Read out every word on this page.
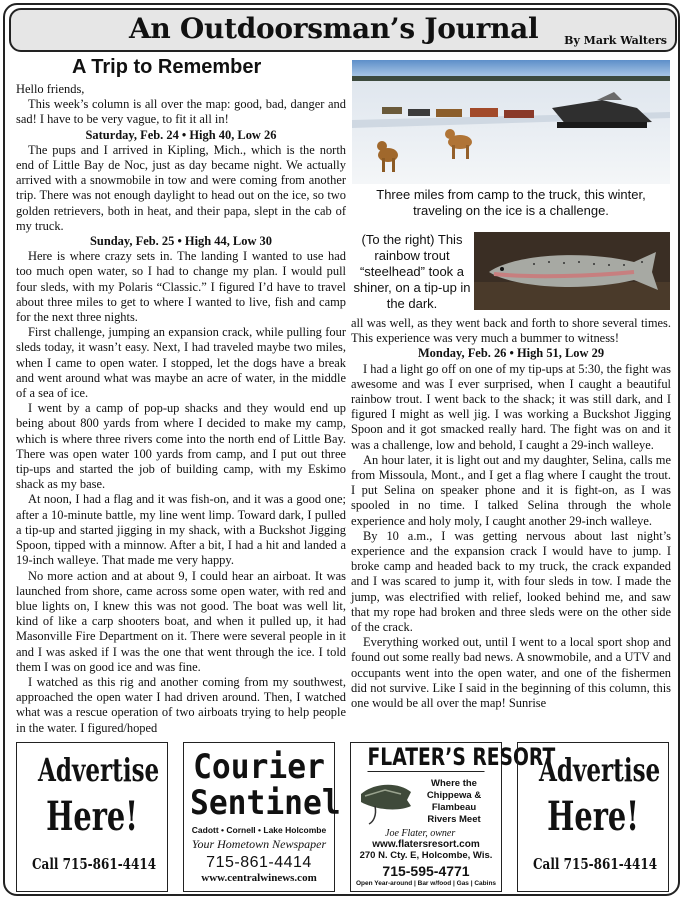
An Outdoorsman’s Journal By Mark Walters
A Trip to Remember

Hello friends,

This week’s column is all over the map: good, bad, danger and sad! I have to be very vague, to fit it all in!

Saturday, Feb. 24 • High 40, Low 26

The pups and I arrived in Kipling, Mich., which is the north end of Little Bay de Noc, just as day became night. We actually arrived with a snowmobile in tow and were coming from another trip. There was not enough daylight to head out on the ice, so two golden retrievers, both in heat, and their papa, slept in the cab of my truck.

Sunday, Feb. 25 • High 44, Low 30

Here is where crazy sets in. The landing I wanted to use had too much open water, so I had to change my plan. I would pull four sleds, with my Polaris “Classic.” I figured I’d have to travel about three miles to get to where I wanted to live, fish and camp for the next three nights.

First challenge, jumping an expansion crack, while pulling four sleds today, it wasn’t easy. Next, I had traveled maybe two miles, when I came to open water. I stopped, let the dogs have a break and went around what was maybe an acre of water, in the middle of a sea of ice.

I went by a camp of pop-up shacks and they would end up being about 800 yards from where I decided to make my camp, which is where three rivers come into the north end of Little Bay. There was open water 100 yards from camp, and I put out three tip-ups and started the job of building camp, with my Eskimo shack as my base.

At noon, I had a flag and it was fish-on, and it was a good one; after a 10-minute battle, my line went limp. Toward dark, I pulled a tip-up and started jigging in my shack, with a Buckshot Jigging Spoon, tipped with a minnow. After a bit, I had a hit and landed a 19-inch walleye. That made me very happy.

No more action and at about 9, I could hear an airboat. It was launched from shore, came across some open water, with red and blue lights on, I knew this was not good. The boat was well lit, kind of like a carp shooters boat, and when it pulled up, it had Masonville Fire Department on it. There were several people in it and I was asked if I was the one that went through the ice. I told them I was on good ice and was fine.

I watched as this rig and another coming from my southwest, approached the open water I had driven around. Then, I watched what was a rescue operation of two airboats trying to help people in the water. I figured/hoped

Three miles from camp to the truck, this winter, traveling on the ice is a challenge.
(To the right) This rainbow trout “steelhead” took a shiner, on a tip-up in the dark.

all was well, as they went back and forth to shore several times. This experience was very much a bummer to witness!

Monday, Feb. 26 • High 51, Low 29

I had a light go off on one of my tip-ups at 5:30, the fight was awesome and was I ever surprised, when I caught a beautiful rainbow trout. I went back to the shack; it was still dark, and I figured I might as well jig. I was working a Buckshot Jigging Spoon and it got smacked really hard. The fight was on and it was a challenge, low and behold, I caught a 29-inch walleye.

An hour later, it is light out and my daughter, Selina, calls me from Missoula, Mont., and I get a flag where I caught the trout. I put Selina on speaker phone and it is fight-on, as I was spooled in no time. I talked Selina through the whole experience and holy moly, I caught another 29-inch walleye.

By 10 a.m., I was getting nervous about last night’s experience and the expansion crack I would have to jump. I broke camp and headed back to my truck, the crack expanded and I was scared to jump it, with four sleds in tow. I made the jump, was electrified with relief, looked behind me, and saw that my rope had broken and three sleds were on the other side of the crack.

Everything worked out, until I went to a local sport shop and found out some really bad news. A snowmobile, and a UTV and occupants went into the open water, and one of the fishermen did not survive. Like I said in the beginning of this column, this one would be all over the map! Sunrise

Advertise
Here!
Call 715-861-4414
Courier
Sentinel
Cadott • Cornell • Lake Holcombe
Your Hometown Newspaper
715-861-4414
www.centralwinews.com
FLATER’S RESORT
Where the
Chippewa & Flambeau
Rivers Meet
Joe Flater, owner
www.flatersresort.com
270 N. Cty. E, Holcombe, Wis.
715-595-4771
Open Year-around | Bar w/food | Gas | Cabins
Advertise
Here!
Call 715-861-4414
